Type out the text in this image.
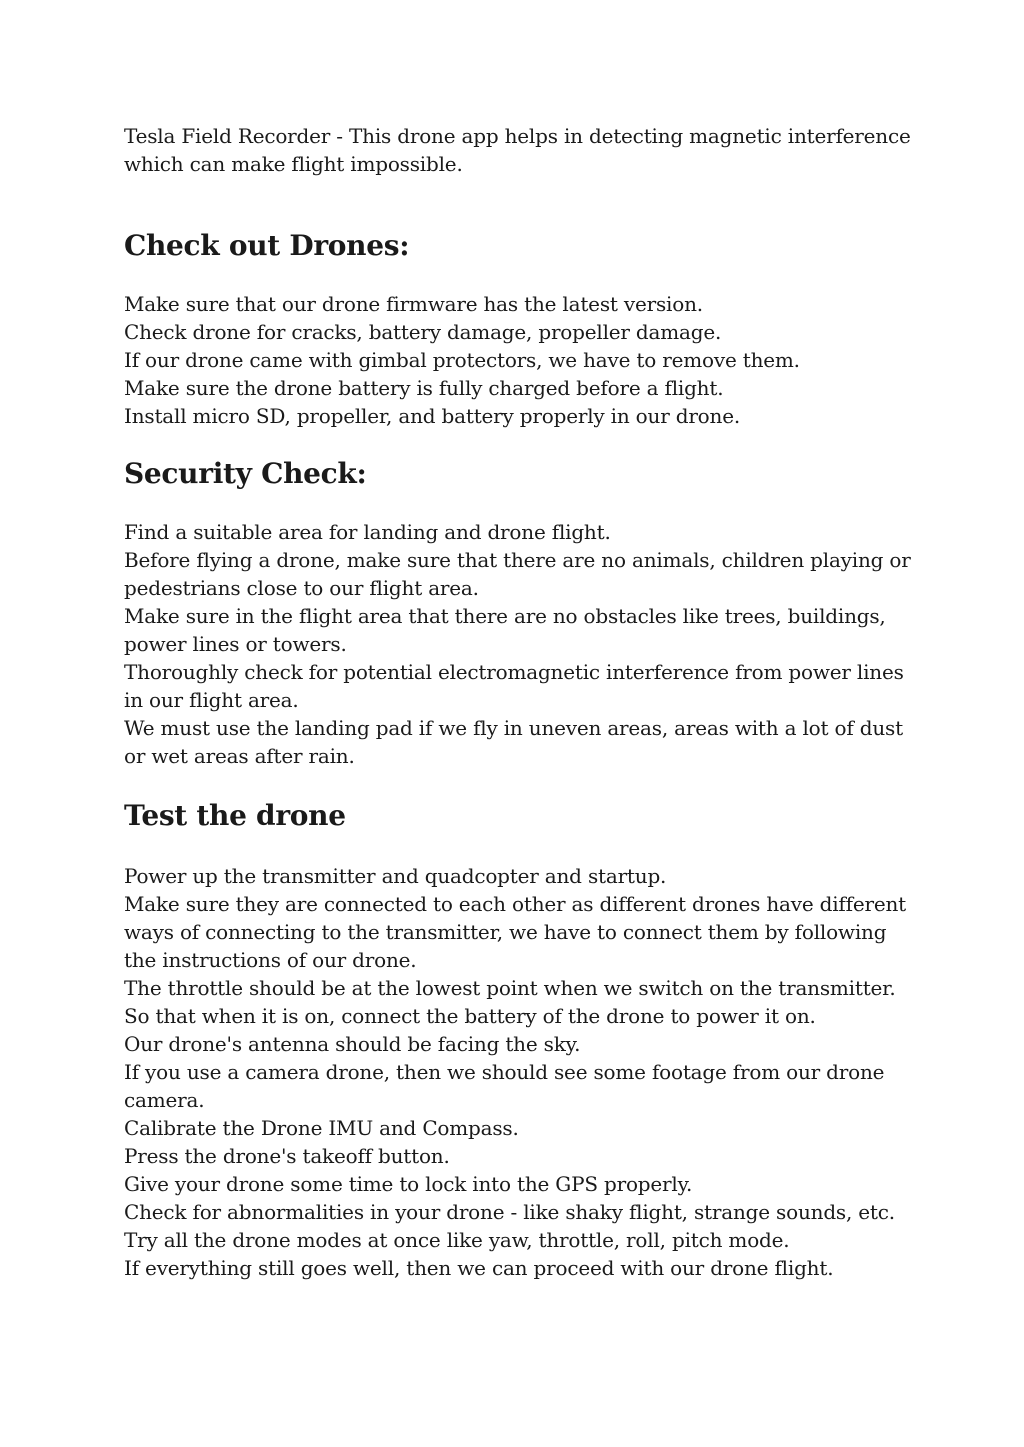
Tesla Field Recorder - This drone app helps in detecting magnetic interference which can make flight impossible.

Check out Drones:

Make sure that our drone firmware has the latest version.

Check drone for cracks, battery damage, propeller damage.

If our drone came with gimbal protectors, we have to remove them.

Make sure the drone battery is fully charged before a flight.

Install micro SD, propeller, and battery properly in our drone.

Security Check:

Find a suitable area for landing and drone flight.

Before flying a drone, make sure that there are no animals, children playing or pedestrians close to our flight area.

Make sure in the flight area that there are no obstacles like trees, buildings, power lines or towers.

Thoroughly check for potential electromagnetic interference from power lines in our flight area.

We must use the landing pad if we fly in uneven areas, areas with a lot of dust or wet areas after rain.

Test the drone

Power up the transmitter and quadcopter and startup.

Make sure they are connected to each other as different drones have different ways of connecting to the transmitter, we have to connect them by following the instructions of our drone.

The throttle should be at the lowest point when we switch on the transmitter. So that when it is on, connect the battery of the drone to power it on.

Our drone's antenna should be facing the sky.

If you use a camera drone, then we should see some footage from our drone camera.

Calibrate the Drone IMU and Compass.

Press the drone's takeoff button.

Give your drone some time to lock into the GPS properly.

Check for abnormalities in your drone - like shaky flight, strange sounds, etc.

Try all the drone modes at once like yaw, throttle, roll, pitch mode.

If everything still goes well, then we can proceed with our drone flight.
